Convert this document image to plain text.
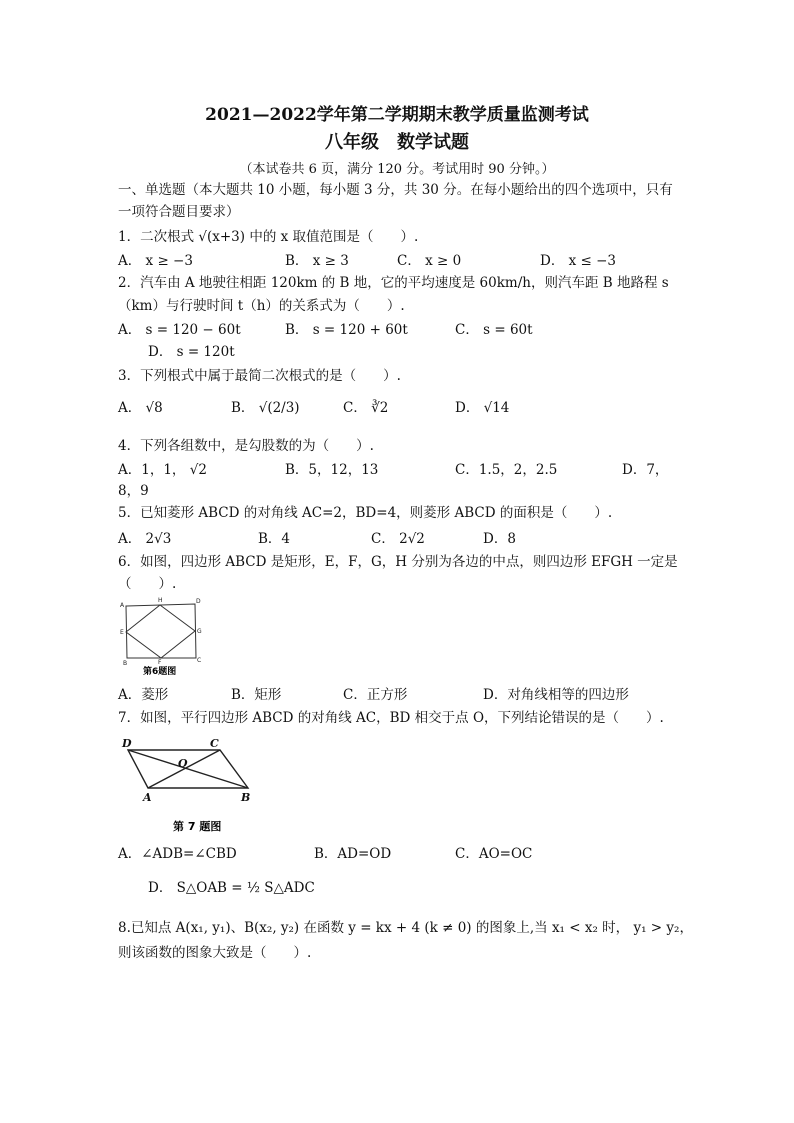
2021—2022学年第二学期期末教学质量监测考试
八年级　数学试题
（本试卷共 6 页，满分 120 分。考试用时 90 分钟。）
一、单选题（本大题共 10 小题，每小题 3 分，共 30 分。在每小题给出的四个选项中，只有
一项符合题目要求）
1．二次根式 √(x+3) 中的 x 取值范围是（　　）.
A． x ≥ −3	B． x ≥ 3	C． x ≥ 0	D． x ≤ −3
2．汽车由 A 地驶往相距 120km 的 B 地，它的平均速度是 60km/h，则汽车距 B 地路程 s
（km）与行驶时间 t（h）的关系式为（　　）.
A． s = 120 − 60t	B． s = 120 + 60t	C． s = 60t
D． s = 120t
3．下列根式中属于最简二次根式的是（　　）.
A． √8	B． √(2/3)	C． ∛2	D． √14
4．下列各组数中，是勾股数的为（　　）.
A．1，1， √2	B．5，12，13	C．1.5，2，2.5	D．7，
8，9
5．已知菱形 ABCD 的对角线 AC=2，BD=4，则菱形 ABCD 的面积是（　　）.
A． 2√3	B．4	C． 2√2	D．8
6．如图，四边形 ABCD 是矩形，E，F，G，H 分别为各边的中点，则四边形 EFGH 一定是
（　　）.
A
H	D
E	G
B	F	C
第6题图
A．菱形	B．矩形	C．正方形	D．对角线相等的四边形
7．如图，平行四边形 ABCD 的对角线 AC，BD 相交于点 O，下列结论错误的是（　　）.
D	C
O
A	B
第 7 题图
A．∠ADB=∠CBD	B．AD=OD	C．AO=OC
D． S△OAB = ½ S△ADC
8.已知点 A(x₁, y₁)、B(x₂, y₂) 在函数 y = kx + 4 (k ≠ 0) 的图象上,当 x₁ < x₂ 时， y₁ > y₂，
则该函数的图象大致是（　　）.
